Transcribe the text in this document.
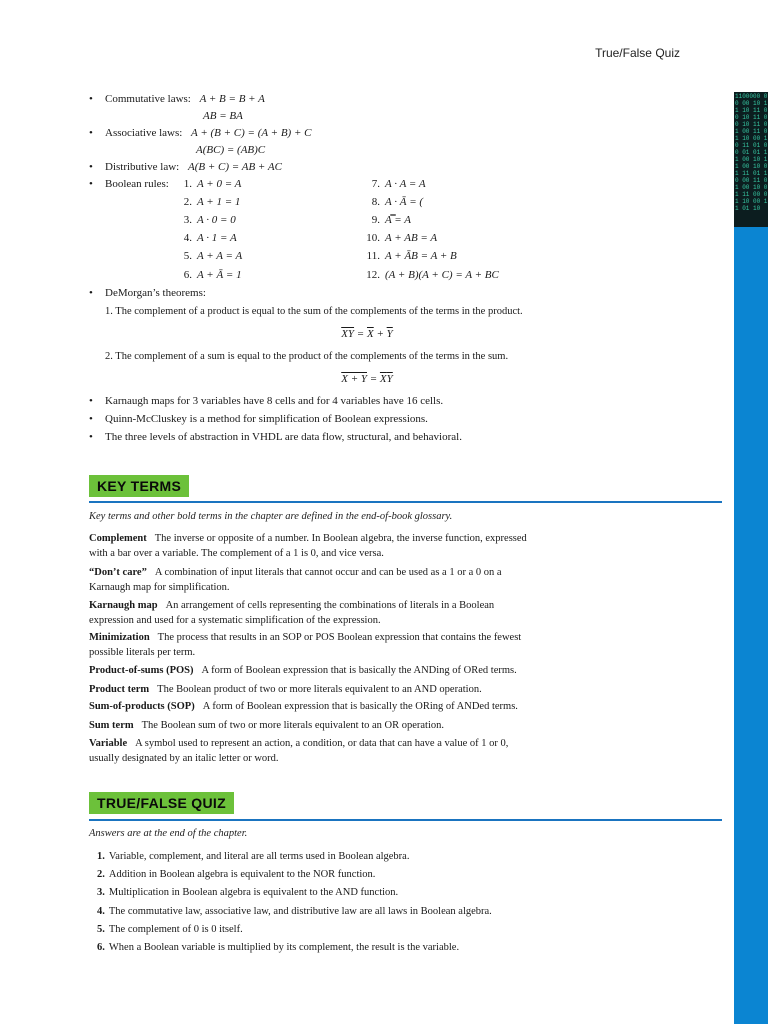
True/False Quiz
1100000 00 00 10 11 10 11 00 10 11 00 10 11 01 00 11 01 10 00 10 11 01 00 01 01 11 00 10 11 00 10 01 11 01 10 00 11 01 00 10 01 11 00 01 10 00 11 01 10
• Commutative laws: A + B = B + A
AB = BA
• Associative laws: A + (B + C) = (A + B) + C
A(BC) = (AB)C
• Distributive law: A(B + C) = AB + AC
• Boolean rules:	1. A + 0 = A
2. A + 1 = 1
3. A · 0 = 0
4. A · 1 = A
5. A + A = A
6. A + Ā = 1
7. A · A = A
8. A · Ā = (
9. A̿ = A
10. A + AB = A
11. A + ĀB = A + B
12. (A + B)(A + C) = A + BC
• DeMorgan’s theorems:
1. The complement of a product is equal to the sum of the complements of the terms in the product.
$\overline{XY} = \overline{X} + \overline{Y}$
2. The complement of a sum is equal to the product of the complements of the terms in the sum.
$X + Y = \overline{X}\overline{Y}$
• Karnaugh maps for 3 variables have 8 cells and for 4 variables have 16 cells.
• Quinn-McCluskey is a method for simplification of Boolean expressions.
• The three levels of abstraction in VHDL are data flow, structural, and behavioral.
KEY TERMS
Key terms and other bold terms in the chapter are defined in the end-of-book glossary.
Complement The inverse or opposite of a number. In Boolean algebra, the inverse function, expressed with a bar over a variable. The complement of a 1 is 0, and vice versa.
“Don’t care” A combination of input literals that cannot occur and can be used as a 1 or a 0 on a Karnaugh map for simplification.
Karnaugh map An arrangement of cells representing the combinations of literals in a Boolean expression and used for a systematic simplification of the expression.
Minimization The process that results in an SOP or POS Boolean expression that contains the fewest possible literals per term.
Product-of-sums (POS) A form of Boolean expression that is basically the ANDing of ORed terms.
Product term The Boolean product of two or more literals equivalent to an AND operation.
Sum-of-products (SOP) A form of Boolean expression that is basically the ORing of ANDed terms.
Sum term The Boolean sum of two or more literals equivalent to an OR operation.
Variable A symbol used to represent an action, a condition, or data that can have a value of 1 or 0, usually designated by an italic letter or word.
TRUE/FALSE QUIZ
Answers are at the end of the chapter.
1. Variable, complement, and literal are all terms used in Boolean algebra.
2. Addition in Boolean algebra is equivalent to the NOR function.
3. Multiplication in Boolean algebra is equivalent to the AND function.
4. The commutative law, associative law, and distributive law are all laws in Boolean algebra.
5. The complement of 0 is 0 itself.
6. When a Boolean variable is multiplied by its complement, the result is the variable.
